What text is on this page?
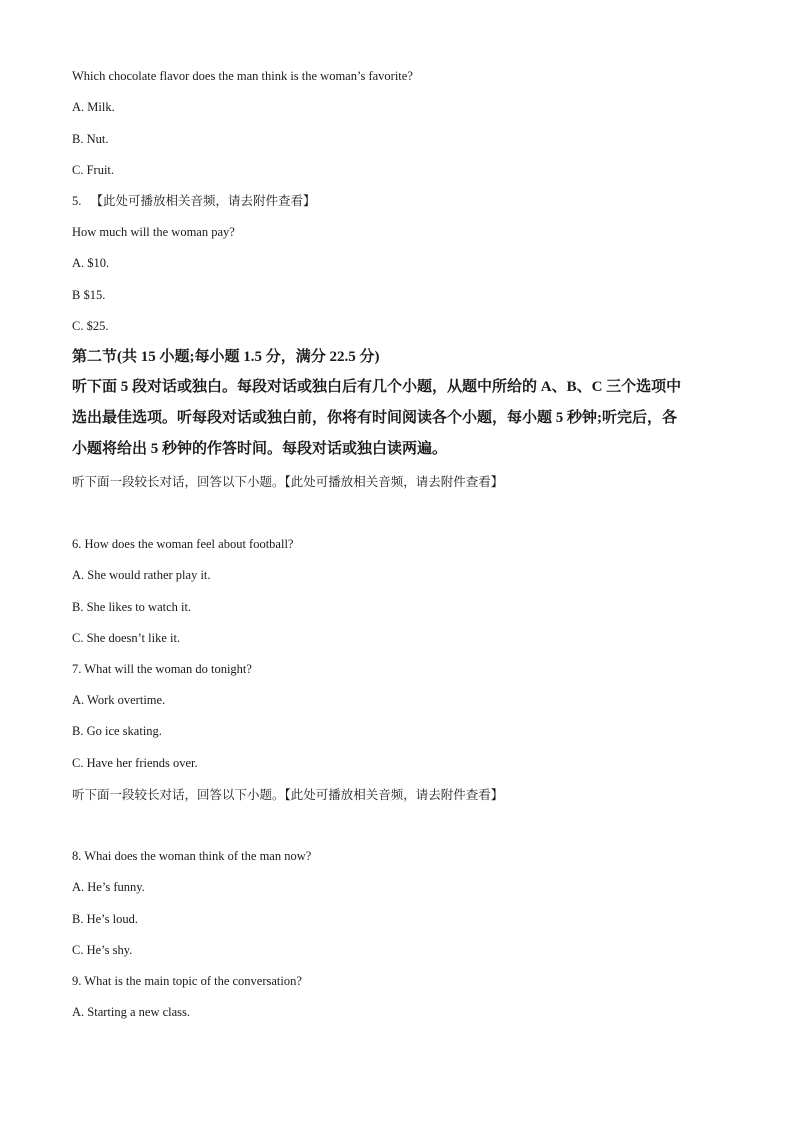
Which chocolate flavor does the man think is the woman’s favorite?
A. Milk.
B. Nut.
C. Fruit.
5. 【此处可播放相关音频，请去附件查看】
How much will the woman pay?
A. $10.
B $15.
C. $25.
第二节(共 15 小题;每小题 1.5 分，满分 22.5 分)
听下面 5 段对话或独白。每段对话或独白后有几个小题，从题中所给的 A、B、C 三个选项中
选出最佳选项。听每段对话或独白前，你将有时间阅读各个小题，每小题 5 秒钟;听完后，各
小题将给出 5 秒钟的作答时间。每段对话或独白读两遍。
听下面一段较长对话，回答以下小题。【此处可播放相关音频，请去附件查看】
6. How does the woman feel about football?
A. She would rather play it.
B. She likes to watch it.
C. She doesn’t like it.
7. What will the woman do tonight?
A. Work overtime.
B. Go ice skating.
C. Have her friends over.
听下面一段较长对话，回答以下小题。【此处可播放相关音频，请去附件查看】
8. Whai does the woman think of the man now?
A. He’s funny.
B. He’s loud.
C. He’s shy.
9. What is the main topic of the conversation?
A. Starting a new class.
